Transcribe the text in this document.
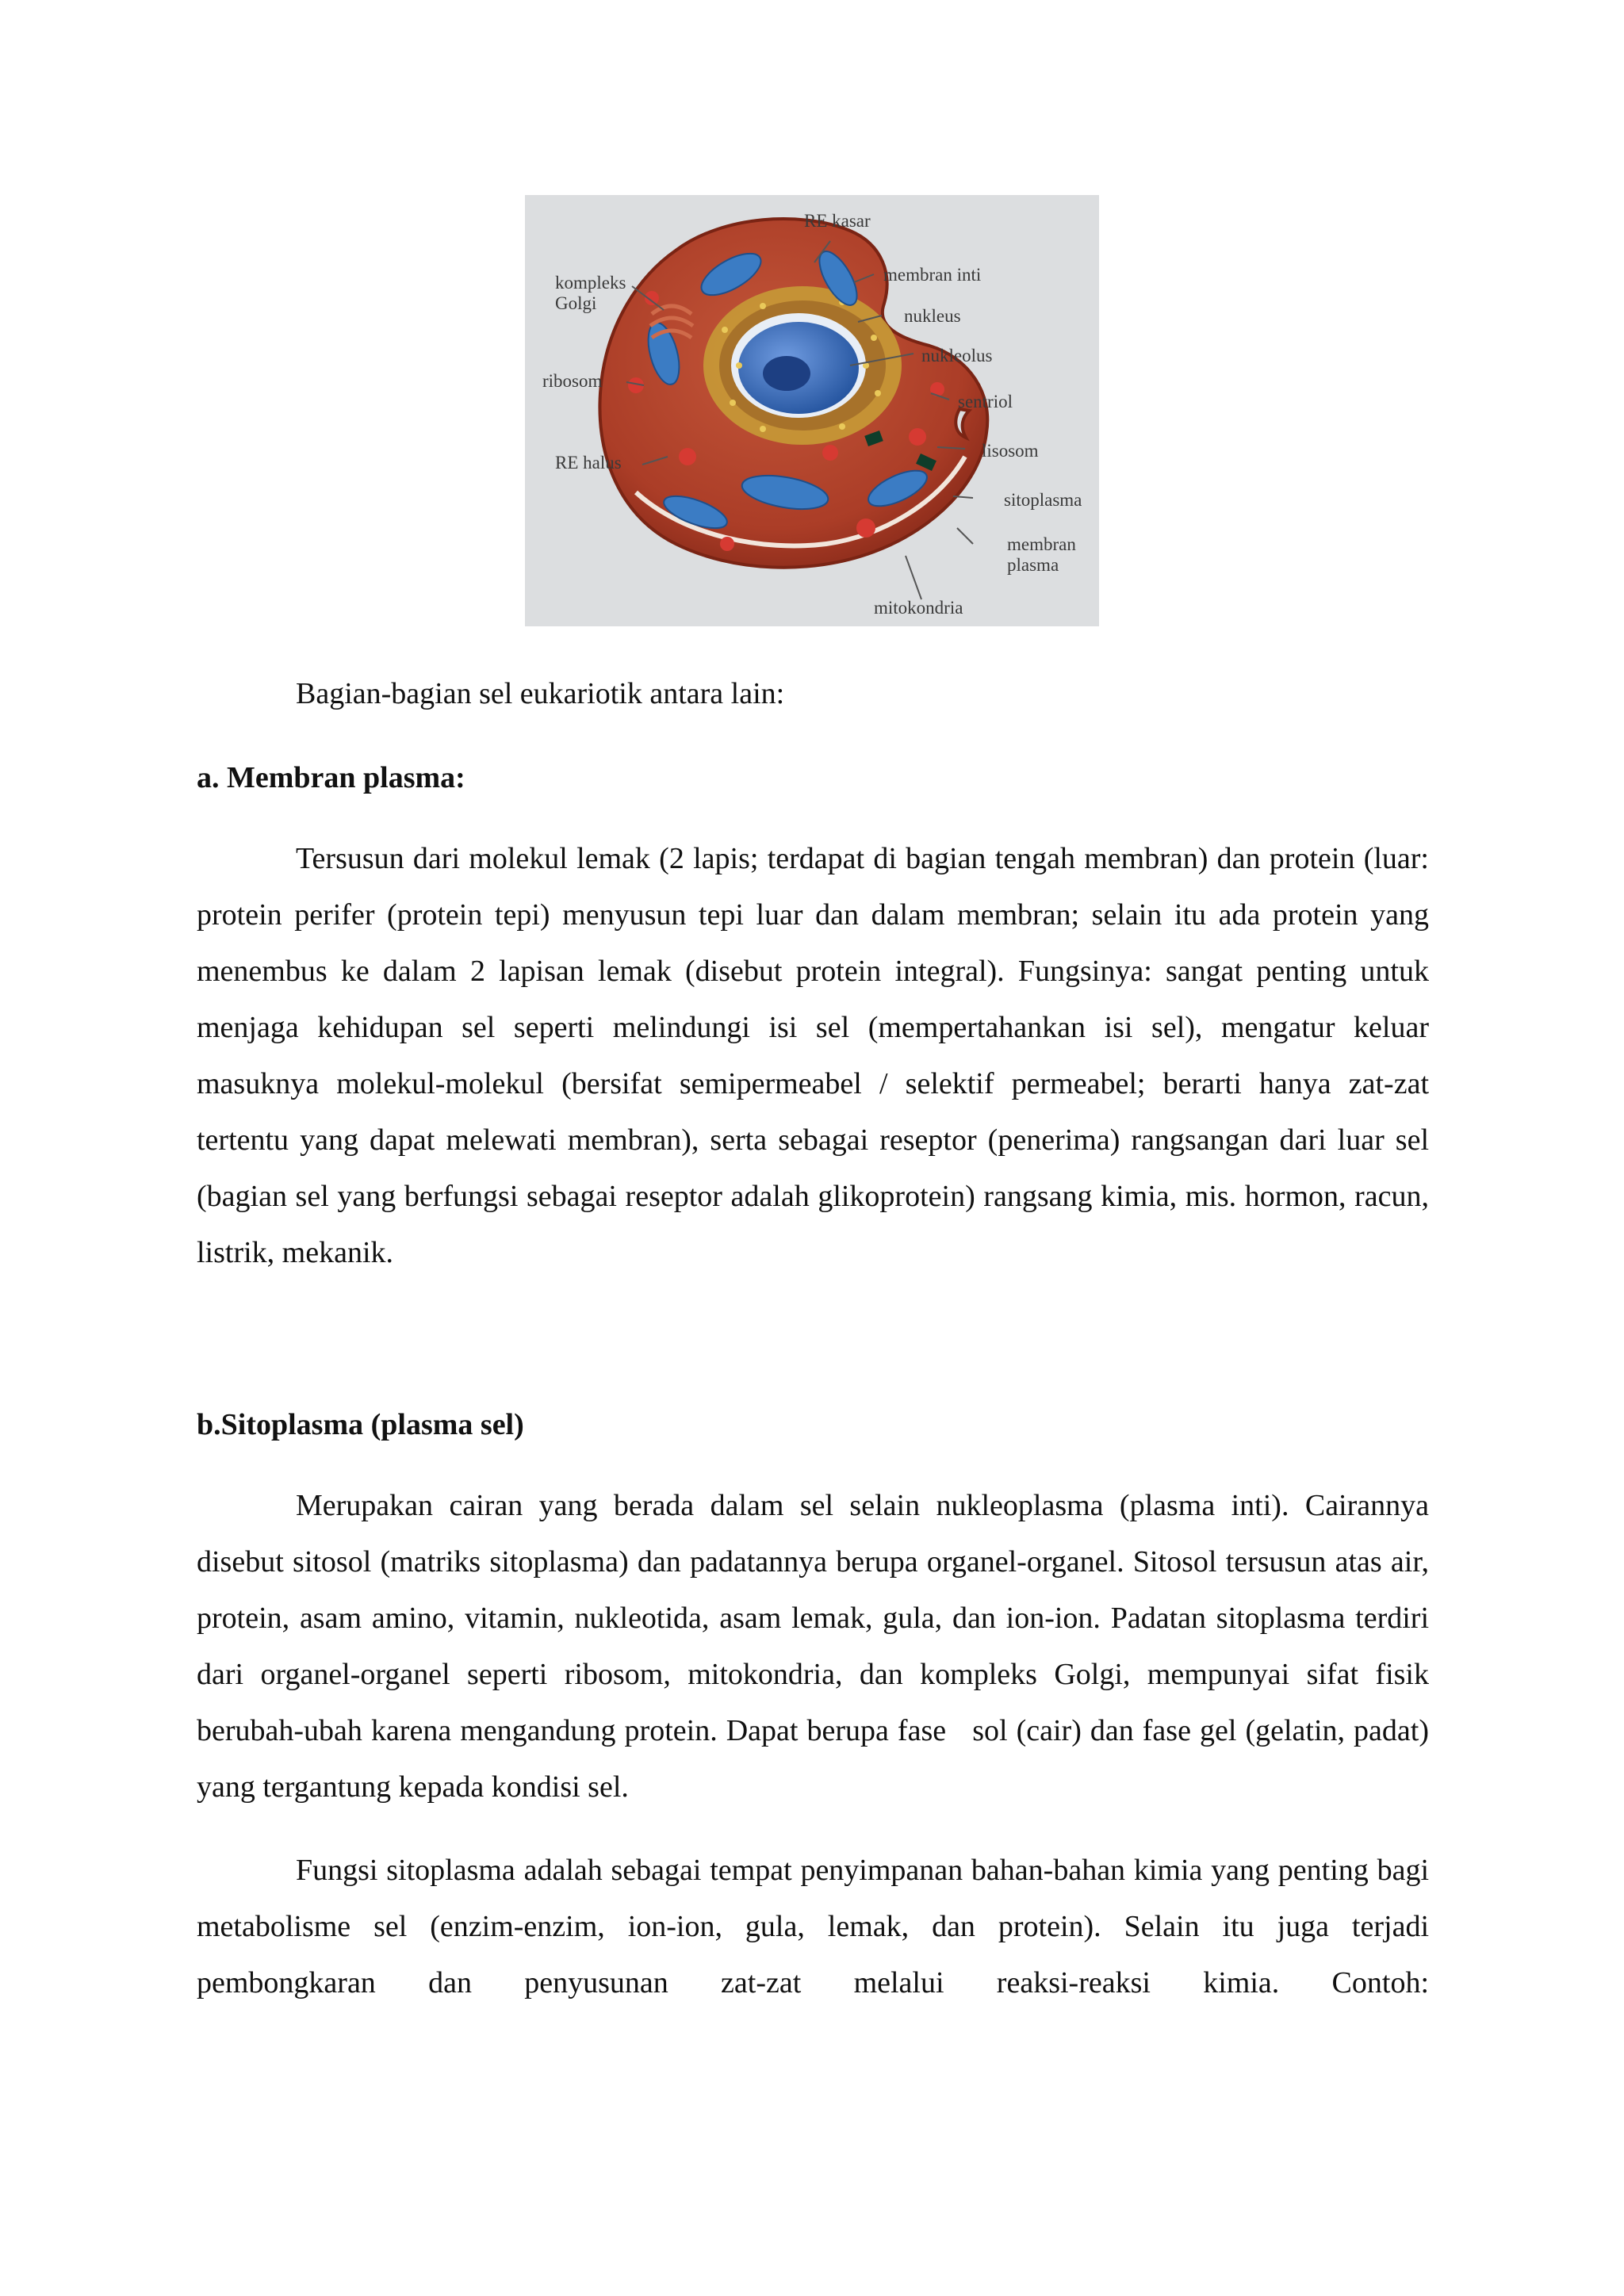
RE kasar
kompleks
Golgi
membran inti
nukleus
nukleolus
ribosom
sentriol
lisosom
RE halus
sitoplasma
membran
plasma
mitokondria
Bagian-bagian sel eukariotik antara lain:
a. Membran plasma:

Tersusun dari molekul lemak (2 lapis; terdapat di bagian tengah membran) dan protein (luar: protein perifer (protein tepi) menyusun tepi luar dan dalam membran; selain itu ada protein yang menembus ke dalam 2 lapisan lemak (disebut protein integral). Fungsinya: sangat penting untuk menjaga kehidupan sel seperti melindungi isi sel (mempertahankan isi sel), mengatur keluar masuknya molekul-molekul (bersifat semipermeabel / selektif permeabel; berarti hanya zat-zat tertentu yang dapat melewati membran), serta sebagai reseptor (penerima) rangsangan dari luar sel (bagian sel yang berfungsi sebagai reseptor adalah glikoprotein) rangsang kimia, mis. hormon, racun, listrik, mekanik.

b.Sitoplasma (plasma sel)

Merupakan cairan yang berada dalam sel selain nukleoplasma (plasma inti). Cairannya disebut sitosol (matriks sitoplasma) dan padatannya berupa organel-organel. Sitosol tersusun atas air, protein, asam amino, vitamin, nukleotida, asam lemak, gula, dan ion-ion. Padatan sitoplasma terdiri dari organel-organel seperti ribosom, mitokondria, dan kompleks Golgi, mempunyai sifat fisik berubah-ubah karena mengandung protein. Dapat berupa fase   sol (cair) dan fase gel (gelatin, padat) yang tergantung kepada kondisi sel.

Fungsi sitoplasma adalah sebagai tempat penyimpanan bahan-bahan kimia yang penting bagi metabolisme sel (enzim-enzim, ion-ion, gula, lemak, dan protein). Selain itu juga terjadi pembongkaran dan penyusunan zat-zat melalui reaksi-reaksi kimia. Contoh:
